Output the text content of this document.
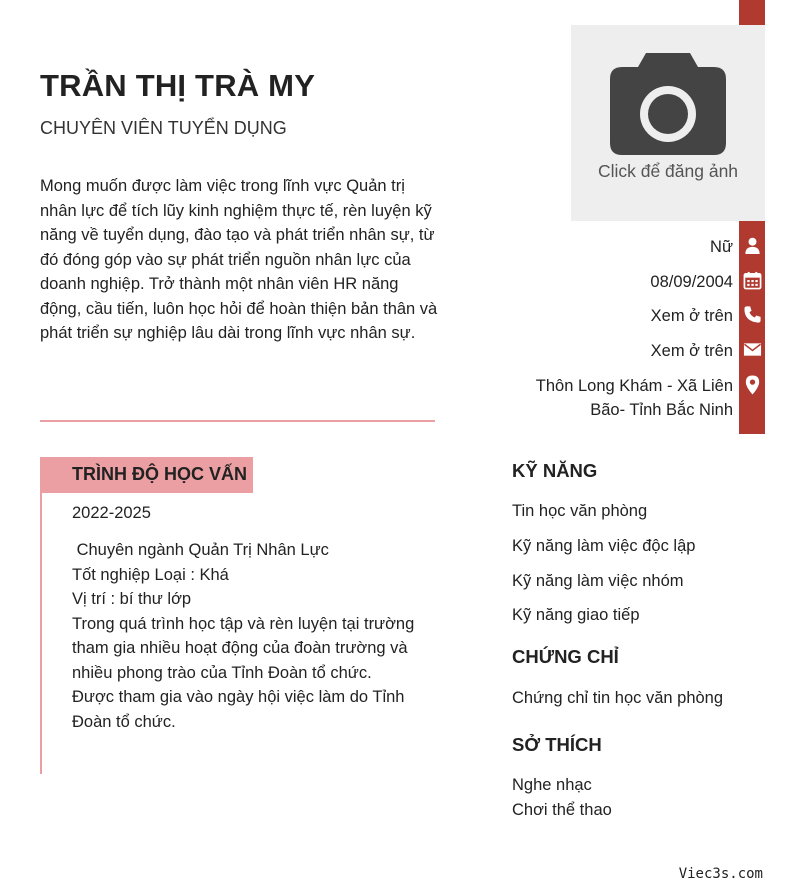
TRẦN THỊ TRÀ MY
CHUYÊN VIÊN TUYỂN DỤNG
Mong muốn được làm việc trong lĩnh vực Quản trị nhân lực để tích lũy kinh nghiệm thực tế, rèn luyện kỹ năng về tuyển dụng, đào tạo và phát triển nhân sự, từ đó đóng góp vào sự phát triển nguồn nhân lực của doanh nghiệp. Trở thành một nhân viên HR năng động, cầu tiến, luôn học hỏi để hoàn thiện bản thân và phát triển sự nghiệp lâu dài trong lĩnh vực nhân sự.
Click để đăng ảnh
Nữ
08/09/2004
Xem ở trên
Xem ở trên
Thôn Long Khám - Xã Liên
Bão- Tỉnh Bắc Ninh
TRÌNH ĐỘ HỌC VẤN
2022-2025
Chuyên ngành Quản Trị Nhân Lực
Tốt nghiệp Loại : Khá
Vị trí : bí thư lớp
Trong quá trình học tập và rèn luyện tại trường tham gia nhiều hoạt động của đoàn trường và nhiều phong trào của Tỉnh Đoàn tổ chức.
Được tham gia vào ngày hội việc làm do Tỉnh Đoàn tổ chức.
KỸ NĂNG
Tin học văn phòng
Kỹ năng làm việc độc lập
Kỹ năng làm việc nhóm
Kỹ năng giao tiếp
CHỨNG CHỈ
Chứng chỉ tin học văn phòng
SỞ THÍCH
Nghe nhạc
Chơi thể thao
Viec3s.com
